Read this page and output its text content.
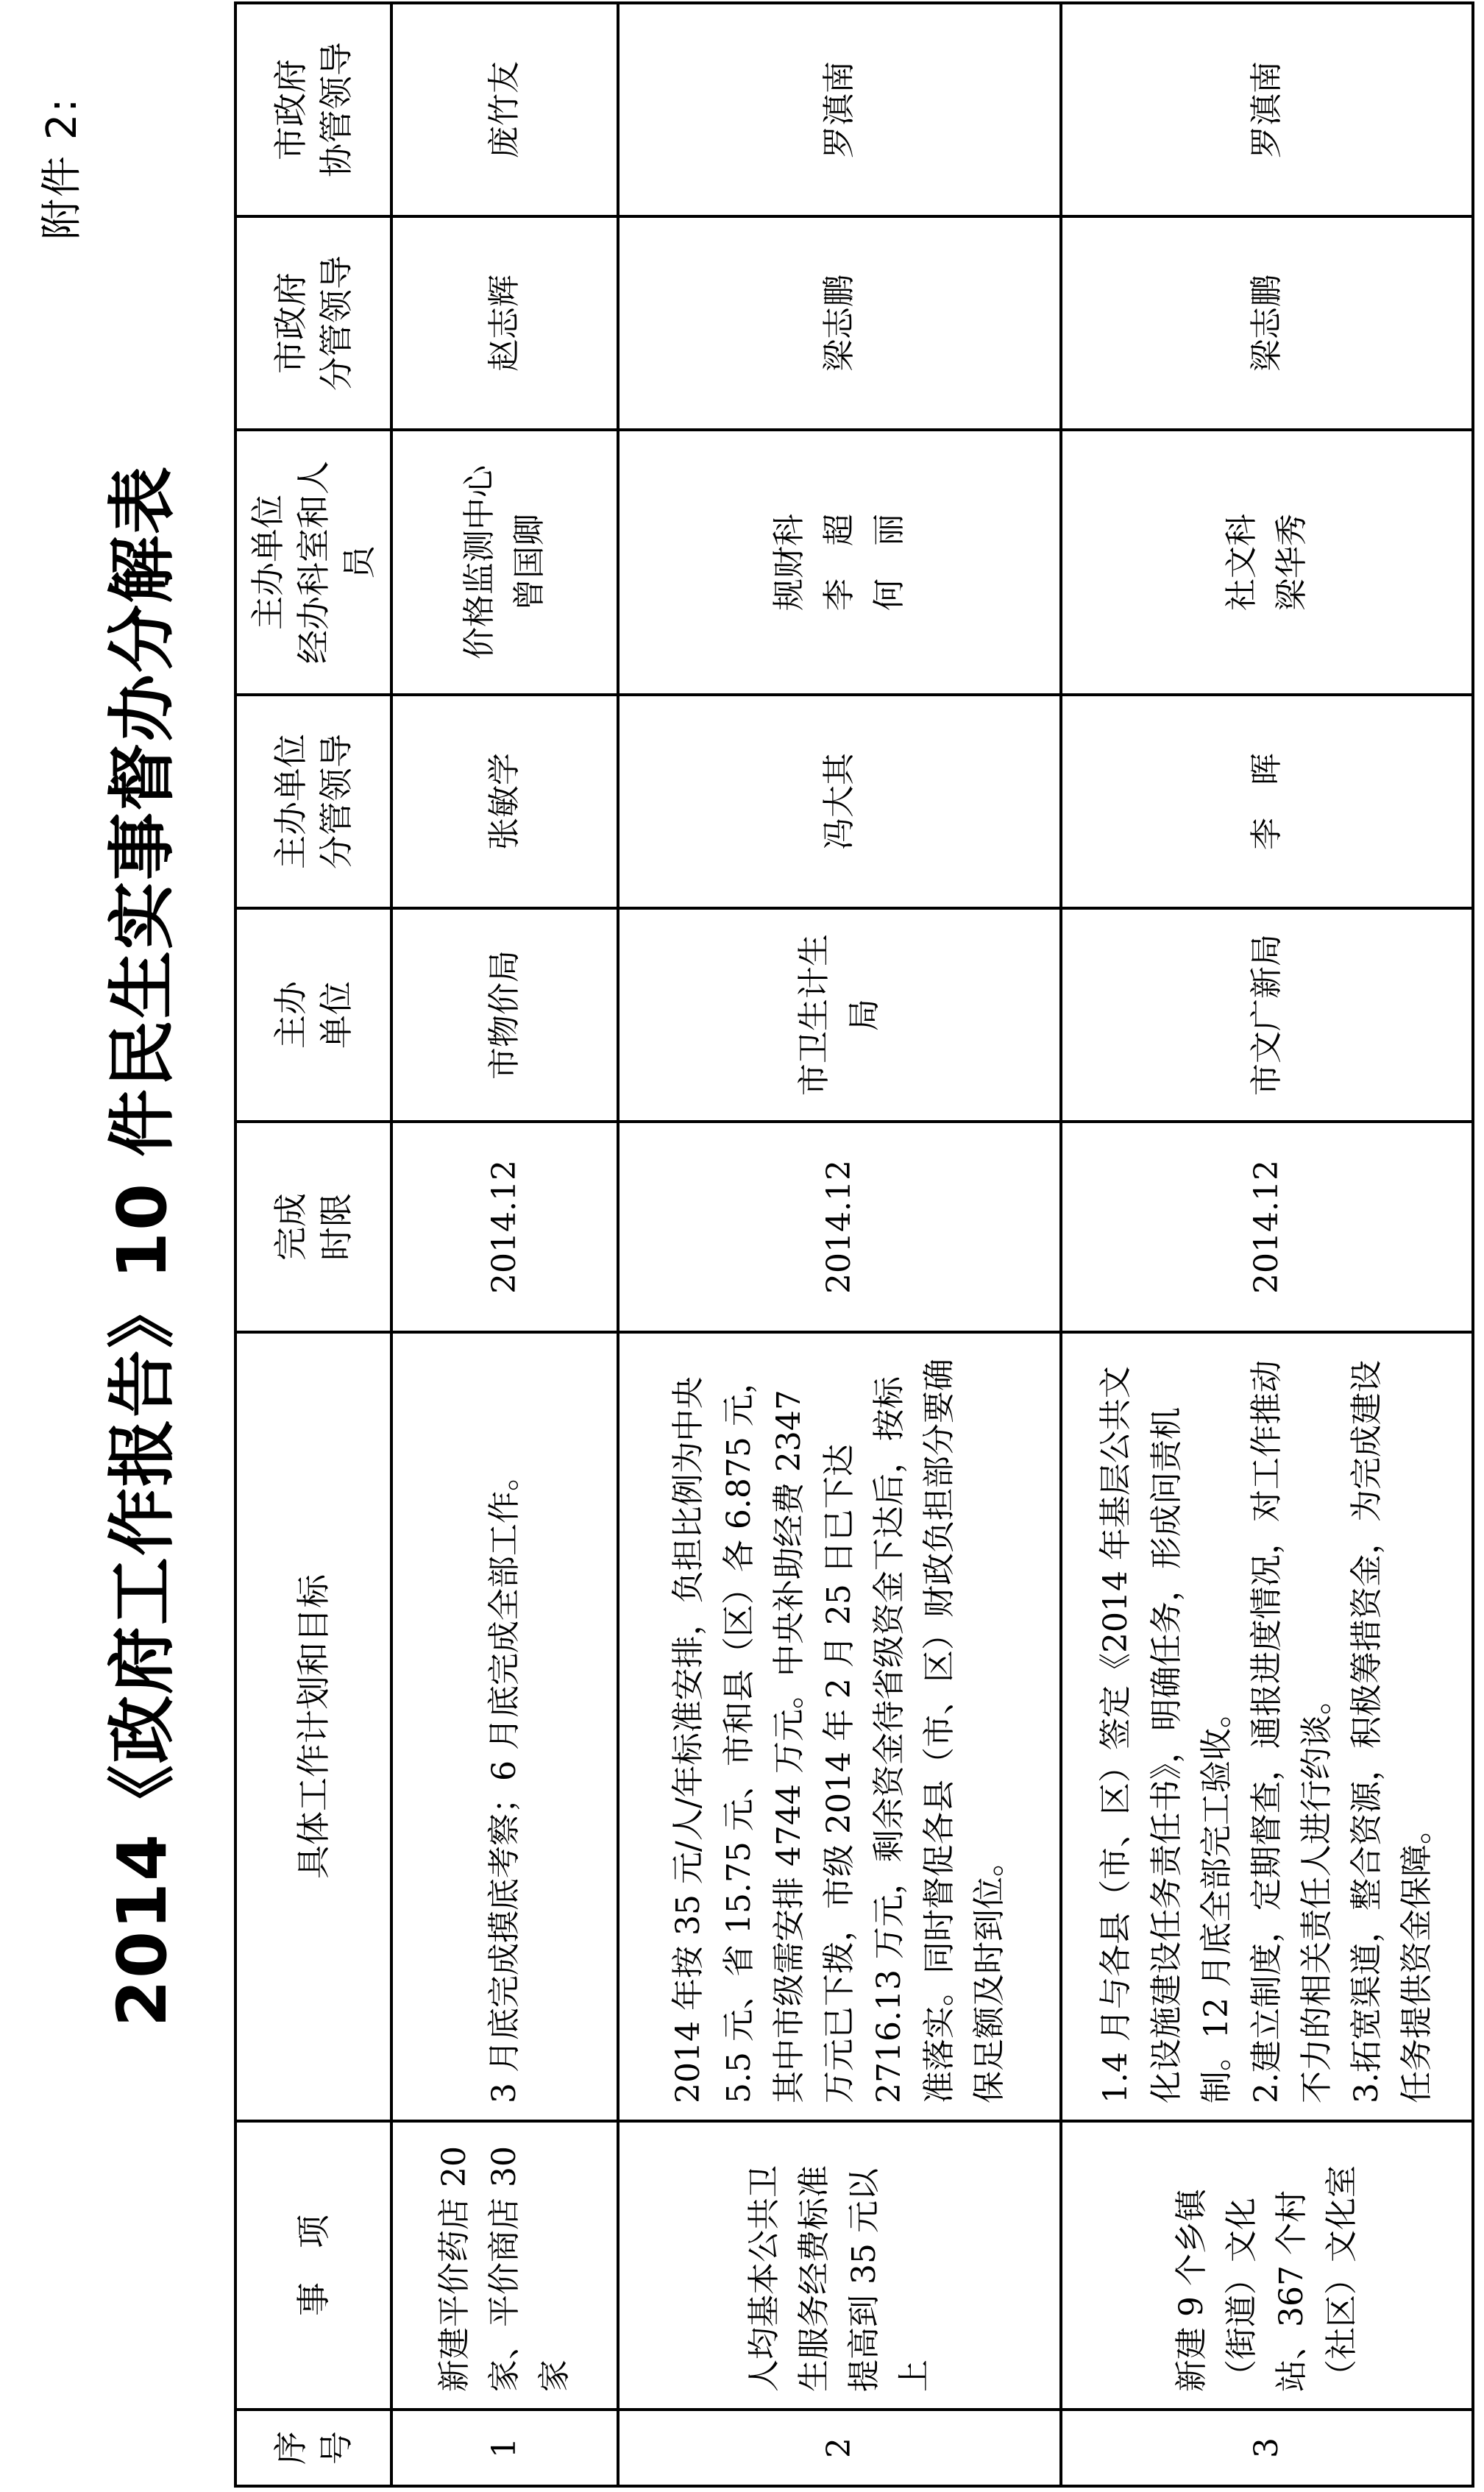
附件 2:
2014《政府工作报告》10 件民生实事督办分解表
序号	事　项	具体工作计划和目标	完成 时限	主办 单位	主办单位 分管领导	主办单位 经办科室和人员	市政府 分管领导	市政府 协管领导

1	新建平价药店 20 家、平价商店 30 家	3 月底完成摸底考察；6 月底完成全部工作。	2014.12	市物价局	张敏学	价格监测中心 曾国卿	赵志辉	庞竹友
2	人均基本公共卫生服务经费标准提高到 35 元以上	2014 年按 35 元/人/年标准安排，负担比例为中央 5.5 元、省 15.75 元、市和县（区）各 6.875 元，其中市级需安排 4744 万元。中央补助经费 2347 万元已下拨，市级 2014 年 2 月 25 日已下达 2716.13 万元，剩余资金待省级资金下达后，按标准落实。同时督促各县（市、区）财政负担部分要确保足额及时到位。	2014.12	市卫生计生局	冯大其	规财科 李　超 何　丽	梁志鹏	罗滇南
3	新建 9 个乡镇（街道）文化站、367 个村（社区）文化室	1.4 月与各县（市、区）签定《2014 年基层公共文化设施建设任务责任书》，明确任务，形成问责机制。12 月底全部完工验收。 2.建立制度，定期督查，通报进度情况，对工作推动不力的相关责任人进行约谈。 3.拓宽渠道，整合资源，积极筹措资金，为完成建设任务提供资金保障。	2014.12	市文广新局	李　晖	社文科 梁华秀	梁志鹏	罗滇南
